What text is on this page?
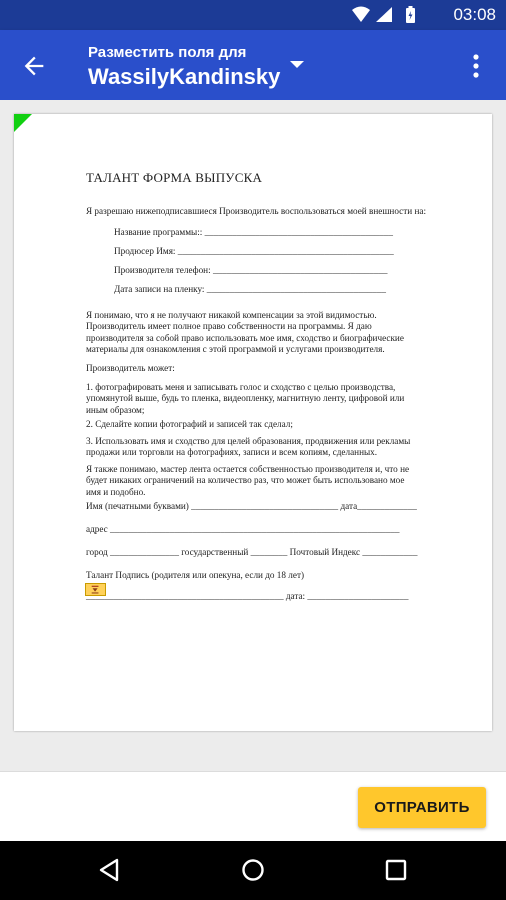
03:08
Разместить поля для
WassilyKandinsky
ТАЛАНТ ФОРМА ВЫПУСКА
Я разрешаю нижеподписавшиеся Производитель воспользоваться моей внешности на:
Название программы:: _________________________________________
Продюсер Имя: _______________________________________________
Производителя телефон: ______________________________________
Дата записи на пленку: _______________________________________
Я понимаю, что я не получают никакой компенсации за этой видимостью.
Производитель имеет полное право собственности на программы. Я даю
производителя за собой право использовать мое имя, сходство и биографические
материалы для ознакомления с этой программой и услугами производителя.
Производитель может:
1. фотографировать меня и записывать голос и сходство с целью производства,
упомянутой выше, будь то пленка, видеопленку, магнитную ленту, цифровой или
иным образом;
2. Сделайте копии фотографий и записей так сделал;
3. Использовать имя и сходство для целей образования, продвижения или рекламы
продажи или торговли на фотографиях, записи и всем копиям, сделанных.
Я также понимаю, мастер лента остается собственностью производителя и, что не
будет никаких ограничений на количество раз, что может быть использовано мое
имя и подобно.
Имя (печатными буквами) ________________________________ дата_____________
адрес _______________________________________________________________
город _______________ государственный ________ Почтовый Индекс ____________
Талант Подпись (родителя или опекуна, если до 18 лет)
___________________________________________ дата: ______________________
ОТПРАВИТЬ
